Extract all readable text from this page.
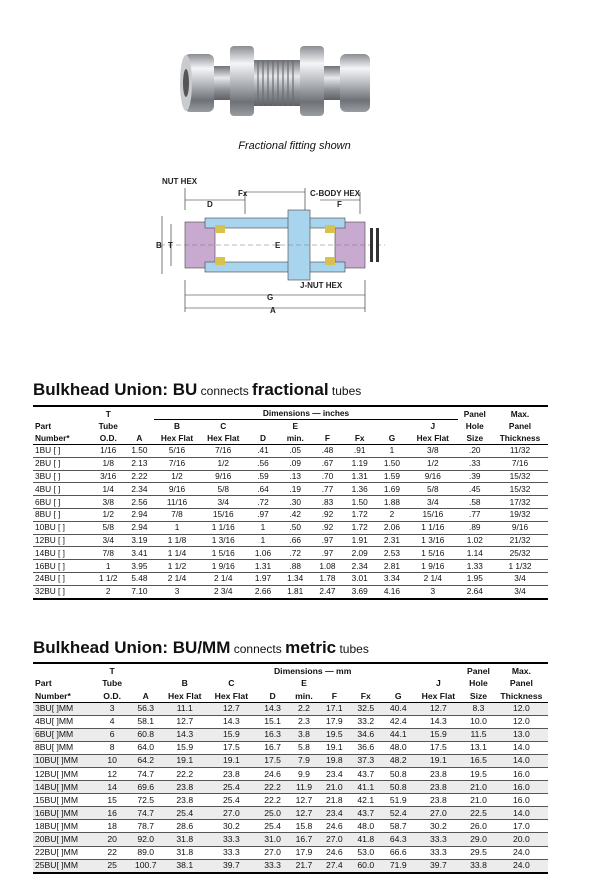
Fractional fitting shown
NUT HEX
Fx	C-BODY HEX
D	F
B T	E
J-NUT HEX
G
A
Bulkhead Union: BU connects fractional tubes
	T		Dimensions — inches								Panel	Max.
Part	Tube		B	C		E				J	Hole	Panel
Number*	O.D.	A	Hex Flat	Hex Flat	D	min.	F	Fx	G	Hex Flat	Size	Thickness
1BU [ ]	1/16	1.50	5/16	7/16	.41	.05	.48	.91	1	3/8	.20	11/32
2BU [ ]	1/8	2.13	7/16	1/2	.56	.09	.67	1.19	1.50	1/2	.33	7/16
3BU [ ]	3/16	2.22	1/2	9/16	.59	.13	.70	1.31	1.59	9/16	.39	15/32
4BU [ ]	1/4	2.34	9/16	5/8	.64	.19	.77	1.36	1.69	5/8	.45	15/32
6BU [ ]	3/8	2.56	11/16	3/4	.72	.30	.83	1.50	1.88	3/4	.58	17/32
8BU [ ]	1/2	2.94	7/8	15/16	.97	.42	.92	1.72	2	15/16	.77	19/32
10BU [ ]	5/8	2.94	1	1 1/16	1	.50	.92	1.72	2.06	1 1/16	.89	9/16
12BU [ ]	3/4	3.19	1 1/8	1 3/16	1	.66	.97	1.91	2.31	1 3/16	1.02	21/32
14BU [ ]	7/8	3.41	1 1/4	1 5/16	1.06	.72	.97	2.09	2.53	1 5/16	1.14	25/32
16BU [ ]	1	3.95	1 1/2	1 9/16	1.31	.88	1.08	2.34	2.81	1 9/16	1.33	1 1/32
24BU [ ]	1 1/2	5.48	2 1/4	2 1/4	1.97	1.34	1.78	3.01	3.34	2 1/4	1.95	3/4
32BU [ ]	2	7.10	3	2 3/4	2.66	1.81	2.47	3.69	4.16	3	2.64	3/4
Bulkhead Union: BU/MM connects metric tubes
	T		Dimensions — mm								Panel	Max.
Part	Tube		B	C		E				J	Hole	Panel
Number*	O.D.	A	Hex Flat	Hex Flat	D	min.	F	Fx	G	Hex Flat	Size	Thickness
3BU[ ]MM	3	56.3	11.1	12.7	14.3	2.2	17.1	32.5	40.4	12.7	8.3	12.0
4BU[ ]MM	4	58.1	12.7	14.3	15.1	2.3	17.9	33.2	42.4	14.3	10.0	12.0
6BU[ ]MM	6	60.8	14.3	15.9	16.3	3.8	19.5	34.6	44.1	15.9	11.5	13.0
8BU[ ]MM	8	64.0	15.9	17.5	16.7	5.8	19.1	36.6	48.0	17.5	13.1	14.0
10BU[ ]MM	10	64.2	19.1	19.1	17.5	7.9	19.8	37.3	48.2	19.1	16.5	14.0
12BU[ ]MM	12	74.7	22.2	23.8	24.6	9.9	23.4	43.7	50.8	23.8	19.5	16.0
14BU[ ]MM	14	69.6	23.8	25.4	22.2	11.9	21.0	41.1	50.8	23.8	21.0	16.0
15BU[ ]MM	15	72.5	23.8	25.4	22.2	12.7	21.8	42.1	51.9	23.8	21.0	16.0
16BU[ ]MM	16	74.7	25.4	27.0	25.0	12.7	23.4	43.7	52.4	27.0	22.5	14.0
18BU[ ]MM	18	78.7	28.6	30.2	25.4	15.8	24.6	48.0	58.7	30.2	26.0	17.0
20BU[ ]MM	20	92.0	31.8	33.3	31.0	16.7	27.0	41.8	64.3	33.3	29.0	20.0
22BU[ ]MM	22	89.0	31.8	33.3	27.0	17.9	24.6	53.0	66.6	33.3	29.5	24.0
25BU[ ]MM	25	100.7	38.1	39.7	33.3	21.7	27.4	60.0	71.9	39.7	33.8	24.0
